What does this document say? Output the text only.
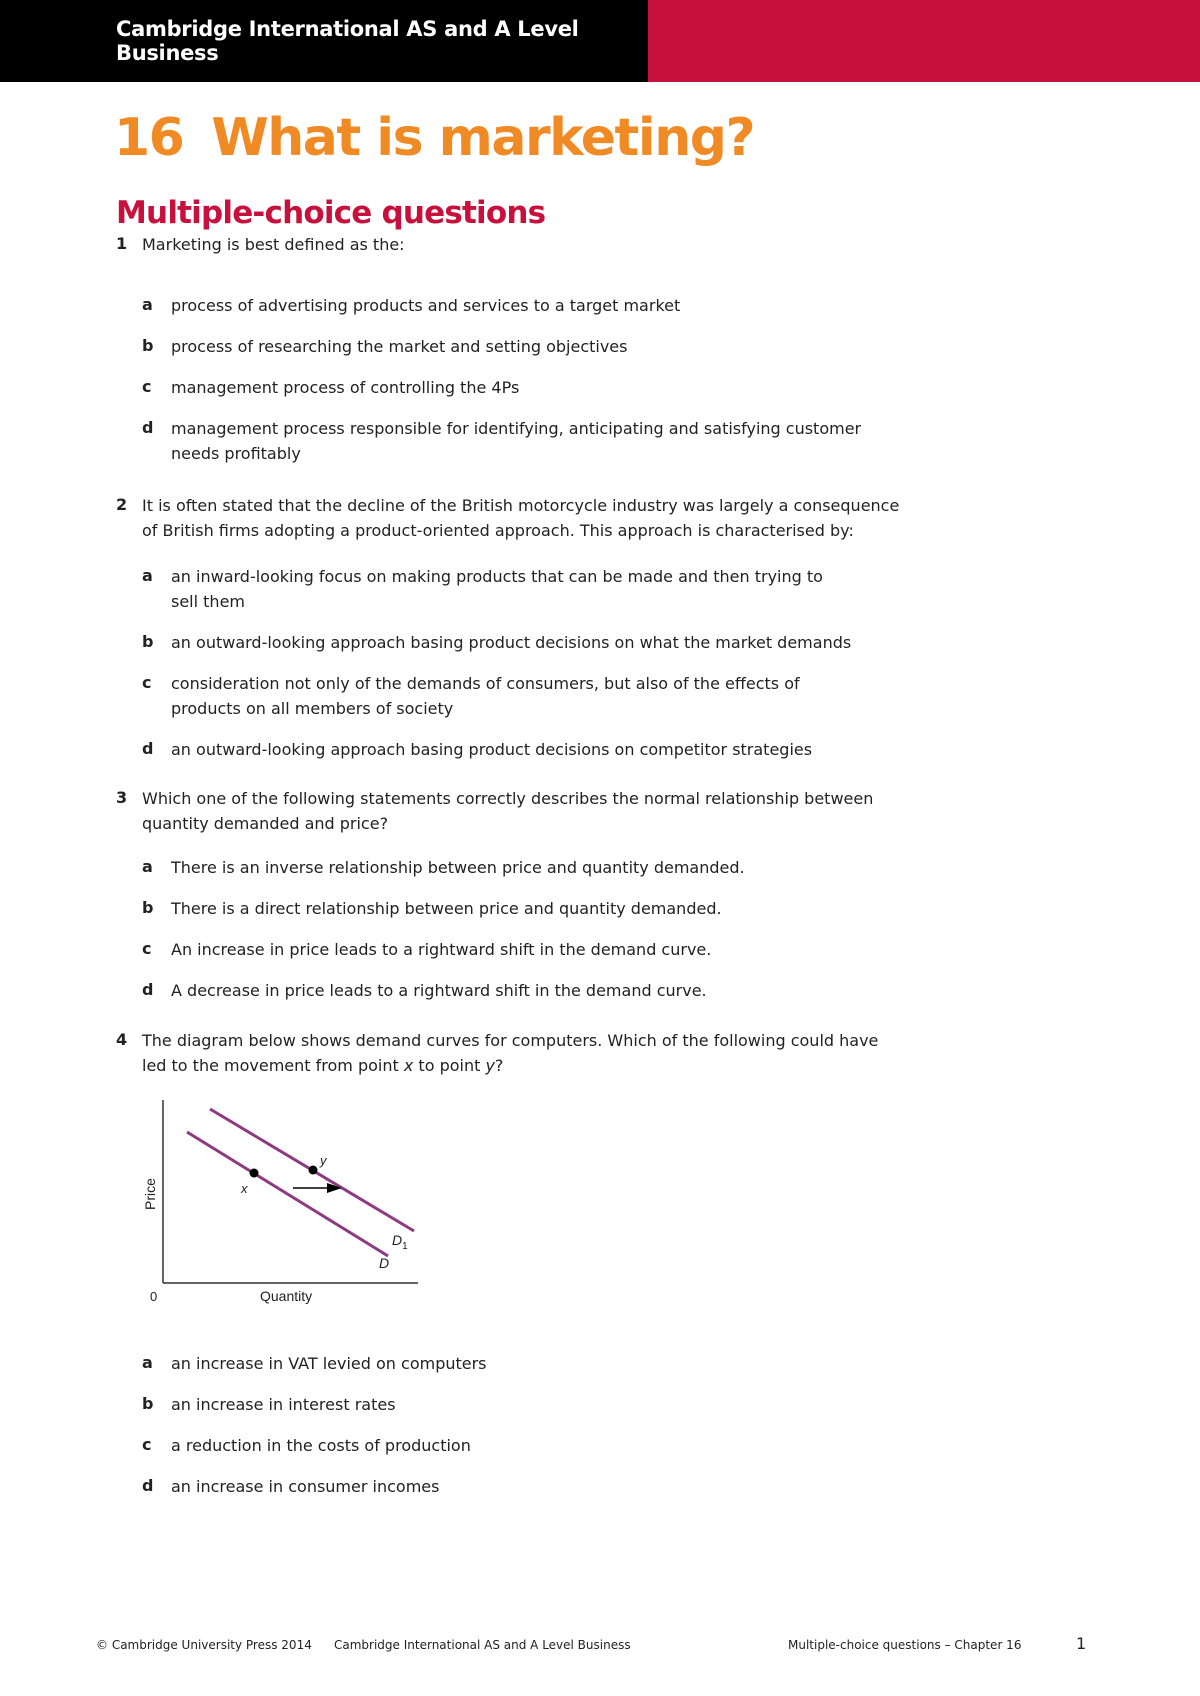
Cambridge International AS and A Level Business
16 What is marketing?
Multiple-choice questions
1 Marketing is best defined as the:
a process of advertising products and services to a target market
b process of researching the market and setting objectives
c management process of controlling the 4Ps
d management process responsible for identifying, anticipating and satisfying customer needs profitably
2 It is often stated that the decline of the British motorcycle industry was largely a consequence of British firms adopting a product-oriented approach. This approach is characterised by:
a an inward-looking focus on making products that can be made and then trying to sell them
b an outward-looking approach basing product decisions on what the market demands
c consideration not only of the demands of consumers, but also of the effects of products on all members of society
d an outward-looking approach basing product decisions on competitor strategies
3 Which one of the following statements correctly describes the normal relationship between quantity demanded and price?
a There is an inverse relationship between price and quantity demanded.
b There is a direct relationship between price and quantity demanded.
c An increase in price leads to a rightward shift in the demand curve.
d A decrease in price leads to a rightward shift in the demand curve.
4 The diagram below shows demand curves for computers. Which of the following could have led to the movement from point x to point y?
x
y
$D_1$
D
0	Quantity
Price
a an increase in VAT levied on computers
b an increase in interest rates
c a reduction in the costs of production
d an increase in consumer incomes
© Cambridge University Press 2014 Cambridge International AS and A Level Business	Multiple-choice questions – Chapter 16	1
